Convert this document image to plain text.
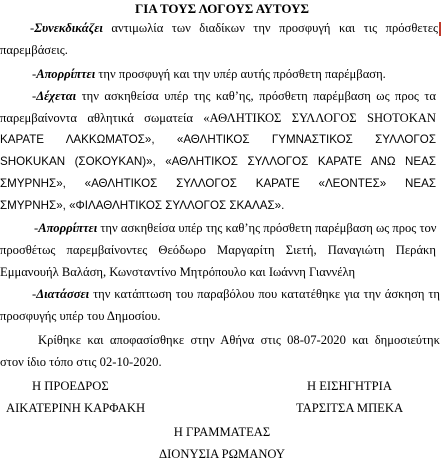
ΓΙΑ ΤΟΥΣ ΛΟΓΟΥΣ ΑΥΤΟΥΣ
-Συνεκδικάζει αντιμωλία των διαδίκων την προσφυγή και τις πρόσθετες
παρεμβάσεις.
-Απορρίπτει την προσφυγή και την υπέρ αυτής πρόσθετη παρέμβαση.
-Δέχεται την ασκηθείσα υπέρ της καθ’ης, πρόσθετη παρέμβαση ως προς τα
παρεμβαίνοντα αθλητικά σωματεία «ΑΘΛΗΤΙΚΟΣ ΣΥΛΛΟΓΟΣ SHOTOKAN
ΚΑΡΑΤΕ ΛΑΚΚΩΜΑΤΟΣ», «ΑΘΛΗΤΙΚΟΣ ΓΥΜΝΑΣΤΙΚΟΣ ΣΥΛΛΟΓΟΣ
SHOKUKAN (ΣΟΚΟΥΚΑΝ)», «ΑΘΛΗΤΙΚΟΣ ΣΥΛΛΟΓΟΣ ΚΑΡΑΤΕ ΑΝΩ ΝΕΑΣ
ΣΜΥΡΝΗΣ», «ΑΘΛΗΤΙΚΟΣ ΣΥΛΛΟΓΟΣ ΚΑΡΑΤΕ «ΛΕΟΝΤΕΣ» ΝΕΑΣ
ΣΜΥΡΝΗΣ», «ΦΙΛΑΘΛΗΤΙΚΟΣ ΣΥΛΛΟΓΟΣ ΣΚΑΛΑΣ».
-Απορρίπτει την ασκηθείσα υπέρ της καθ’ης πρόσθετη παρέμβαση ως προς τον
προσθέτως παρεμβαίνοντες Θεόδωρο Μαργαρίτη Σιετή, Παναγιώτη Περάκη
Εμμανουήλ Βαλάση, Κωνσταντίνο Μητρόπουλο και Ιωάννη Γιαννέλη
-Διατάσσει την κατάπτωση του παραβόλου που κατατέθηκε για την άσκηση τη
προσφυγής υπέρ του Δημοσίου.
Κρίθηκε και αποφασίσθηκε στην Αθήνα στις 08-07-2020 και δημοσιεύτηκ
στον ίδιο τόπο στις 02-10-2020.
Η ΠΡΟΕΔΡΟΣ	Η ΕΙΣΗΓΗΤΡΙΑ
ΑΙΚΑΤΕΡΙΝΗ ΚΑΡΦΑΚΗ	ΤΑΡΣΙΤΣΑ ΜΠΕΚΑ
Η ΓΡΑΜΜΑΤΕΑΣ
ΔΙΟΝΥΣΙΑ ΡΩΜΑΝΟΥ
